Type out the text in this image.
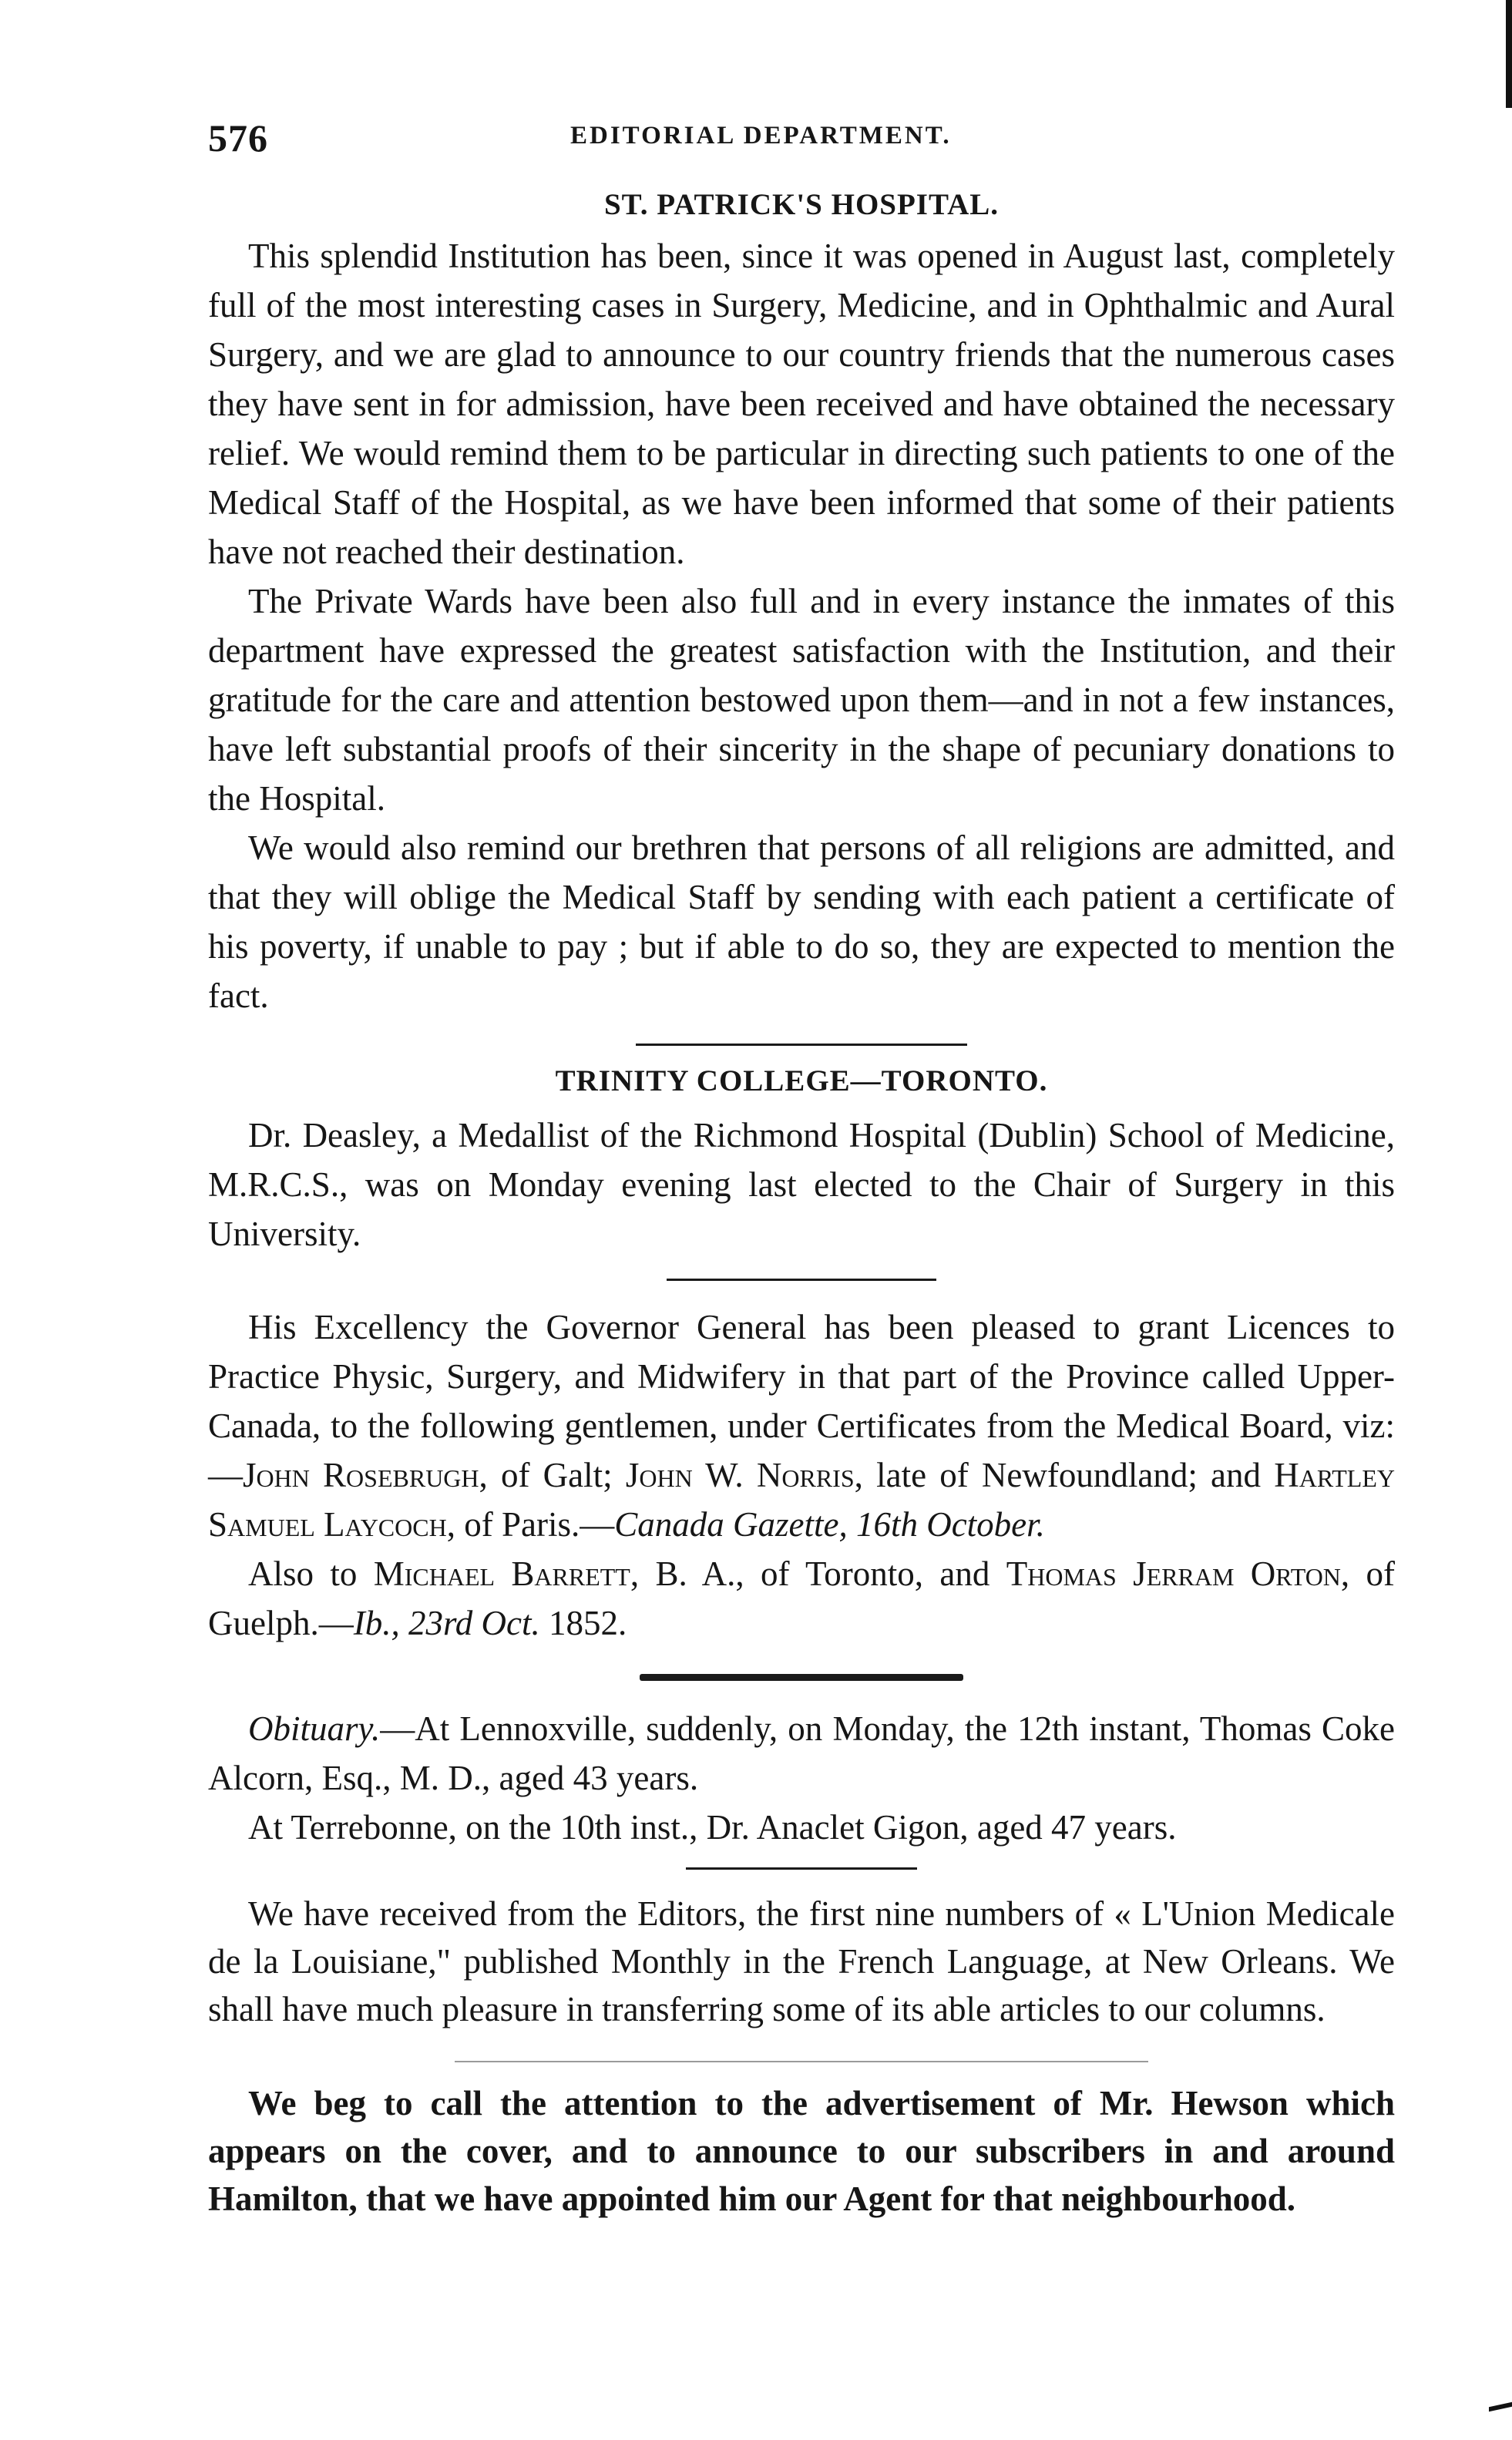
576	EDITORIAL DEPARTMENT.
ST. PATRICK'S HOSPITAL.

This splendid Institution has been, since it was opened in August last, completely full of the most interesting cases in Surgery, Medicine, and in Ophthalmic and Aural Surgery, and we are glad to announce to our country friends that the numerous cases they have sent in for admission, have been received and have obtained the necessary relief. We would remind them to be particular in directing such patients to one of the Medical Staff of the Hospital, as we have been informed that some of their patients have not reached their destination.

The Private Wards have been also full and in every instance the inmates of this department have expressed the greatest satisfaction with the Institution, and their gratitude for the care and attention bestowed upon them—and in not a few instances, have left substantial proofs of their sincerity in the shape of pecuniary donations to the Hospital.

We would also remind our brethren that persons of all religions are admitted, and that they will oblige the Medical Staff by sending with each patient a certificate of his poverty, if unable to pay ; but if able to do so, they are expected to mention the fact.

TRINITY COLLEGE—TORONTO.

Dr. Deasley, a Medallist of the Richmond Hospital (Dublin) School of Medicine, M.R.C.S., was on Monday evening last elected to the Chair of Surgery in this University.

His Excellency the Governor General has been pleased to grant Licences to Practice Physic, Surgery, and Midwifery in that part of the Province called Upper-Canada, to the following gentlemen, under Certificates from the Medical Board, viz:—John Rosebrugh, of Galt; John W. Norris, late of Newfoundland; and Hartley Samuel Laycoch, of Paris.—Canada Gazette, 16th October.

Also to Michael Barrett, B. A., of Toronto, and Thomas Jerram Orton, of Guelph.—Ib., 23rd Oct. 1852.

Obituary.—At Lennoxville, suddenly, on Monday, the 12th instant, Thomas Coke Alcorn, Esq., M. D., aged 43 years.

At Terrebonne, on the 10th inst., Dr. Anaclet Gigon, aged 47 years.

We have received from the Editors, the first nine numbers of « L'Union Medicale de la Louisiane," published Monthly in the French Language, at New Orleans. We shall have much pleasure in transferring some of its able articles to our columns.

We beg to call the attention to the advertisement of Mr. Hewson which appears on the cover, and to announce to our subscribers in and around Hamilton, that we have appointed him our Agent for that neighbourhood.
